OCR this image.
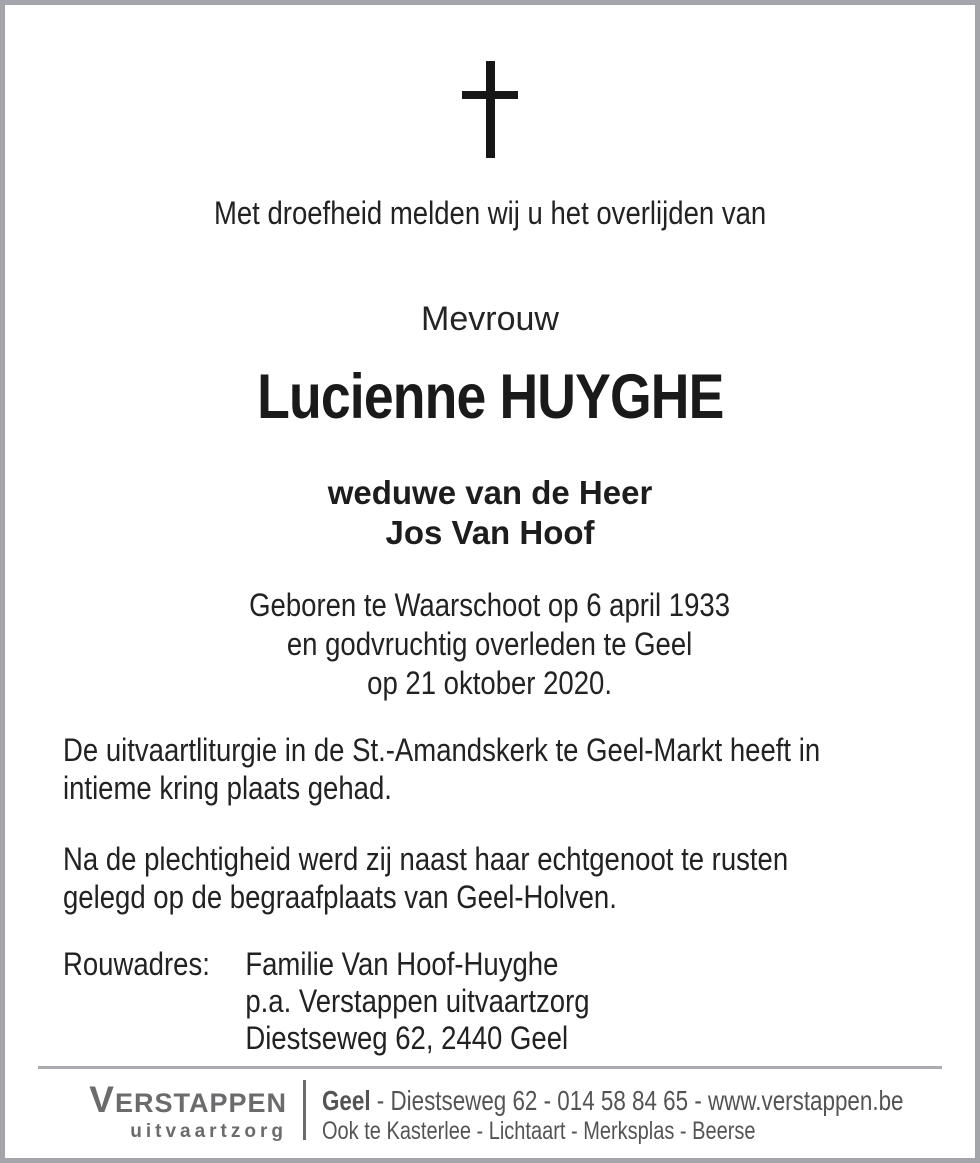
Met droefheid melden wij u het overlijden van
Mevrouw
Lucienne HUYGHE
weduwe van de Heer
Jos Van Hoof
Geboren te Waarschoot op 6 april 1933
en godvruchtig overleden te Geel
op 21 oktober 2020.
De uitvaartliturgie in de St.-Amandskerk te Geel-Markt heeft in
intieme kring plaats gehad.
Na de plechtigheid werd zij naast haar echtgenoot te rusten
gelegd op de begraafplaats van Geel-Holven.
Rouwadres:	Familie Van Hoof-Huyghe
p.a. Verstappen uitvaartzorg
Diestseweg 62, 2440 Geel
VERSTAPPEN
uitvaartzorg
Geel - Diestseweg 62 - 014 58 84 65 - www.verstappen.be
Ook te Kasterlee - Lichtaart - Merksplas - Beerse
